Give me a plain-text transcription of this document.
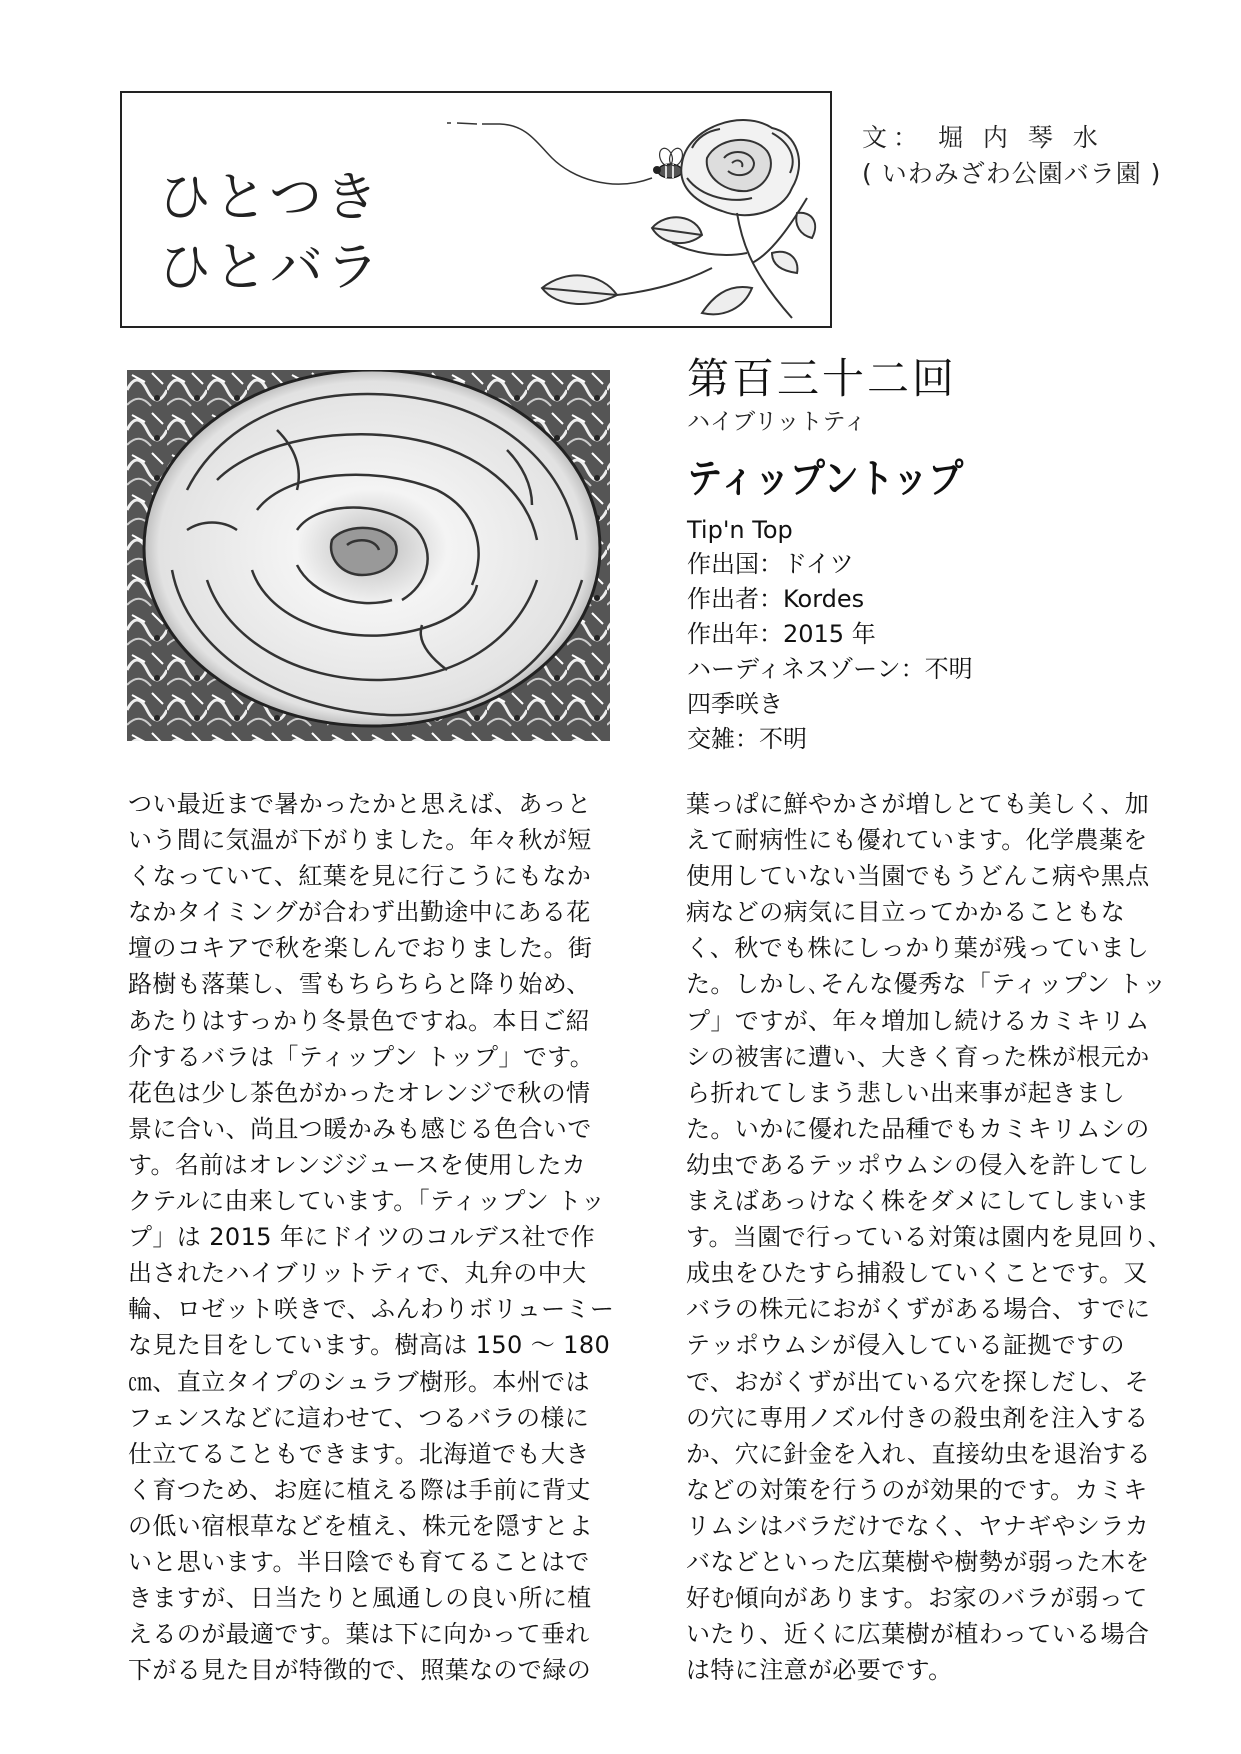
ひとつき
ひとバラ
文： 堀 内 琴 水
( いわみざわ公園バラ園 )
第百三十二回
ハイブリットティ
ティップントップ
Tip'n Top
作出国：ドイツ
作出者：Kordes
作出年：2015 年
ハーディネスゾーン：不明
四季咲き
交雑：不明
つい最近まで暑かったかと思えば、あっと
いう間に気温が下がりました。年々秋が短
くなっていて、紅葉を見に行こうにもなか
なかタイミングが合わず出勤途中にある花
壇のコキアで秋を楽しんでおりました。街
路樹も落葉し、雪もちらちらと降り始め、
あたりはすっかり冬景色ですね。本日ご紹
介するバラは「ティップン トップ」です。
花色は少し茶色がかったオレンジで秋の情
景に合い、尚且つ暖かみも感じる色合いで
す。名前はオレンジジュースを使用したカ
クテルに由来しています。「ティップン トッ
プ」は 2015 年にドイツのコルデス社で作
出されたハイブリットティで、丸弁の中大
輪、ロゼット咲きで、ふんわりボリューミー
な見た目をしています。樹高は 150 ～ 180
㎝、直立タイプのシュラブ樹形。本州では
フェンスなどに這わせて、つるバラの様に
仕立てることもできます。北海道でも大き
く育つため、お庭に植える際は手前に背丈
の低い宿根草などを植え、株元を隠すとよ
いと思います。半日陰でも育てることはで
きますが、日当たりと風通しの良い所に植
えるのが最適です。葉は下に向かって垂れ
下がる見た目が特徴的で、照葉なので緑の
葉っぱに鮮やかさが増しとても美しく、加
えて耐病性にも優れています。化学農薬を
使用していない当園でもうどんこ病や黒点
病などの病気に目立ってかかることもな
く、秋でも株にしっかり葉が残っていまし
た。しかし､そんな優秀な「ティップン トッ
プ」ですが、年々増加し続けるカミキリム
シの被害に遭い、大きく育った株が根元か
ら折れてしまう悲しい出来事が起きまし
た。いかに優れた品種でもカミキリムシの
幼虫であるテッポウムシの侵入を許してし
まえばあっけなく株をダメにしてしまいま
す。当園で行っている対策は園内を見回り、
成虫をひたすら捕殺していくことです。又
バラの株元におがくずがある場合、すでに
テッポウムシが侵入している証拠ですの
で、おがくずが出ている穴を探しだし、そ
の穴に専用ノズル付きの殺虫剤を注入する
か、穴に針金を入れ、直接幼虫を退治する
などの対策を行うのが効果的です。カミキ
リムシはバラだけでなく、ヤナギやシラカ
バなどといった広葉樹や樹勢が弱った木を
好む傾向があります。お家のバラが弱って
いたり、近くに広葉樹が植わっている場合
は特に注意が必要です。
